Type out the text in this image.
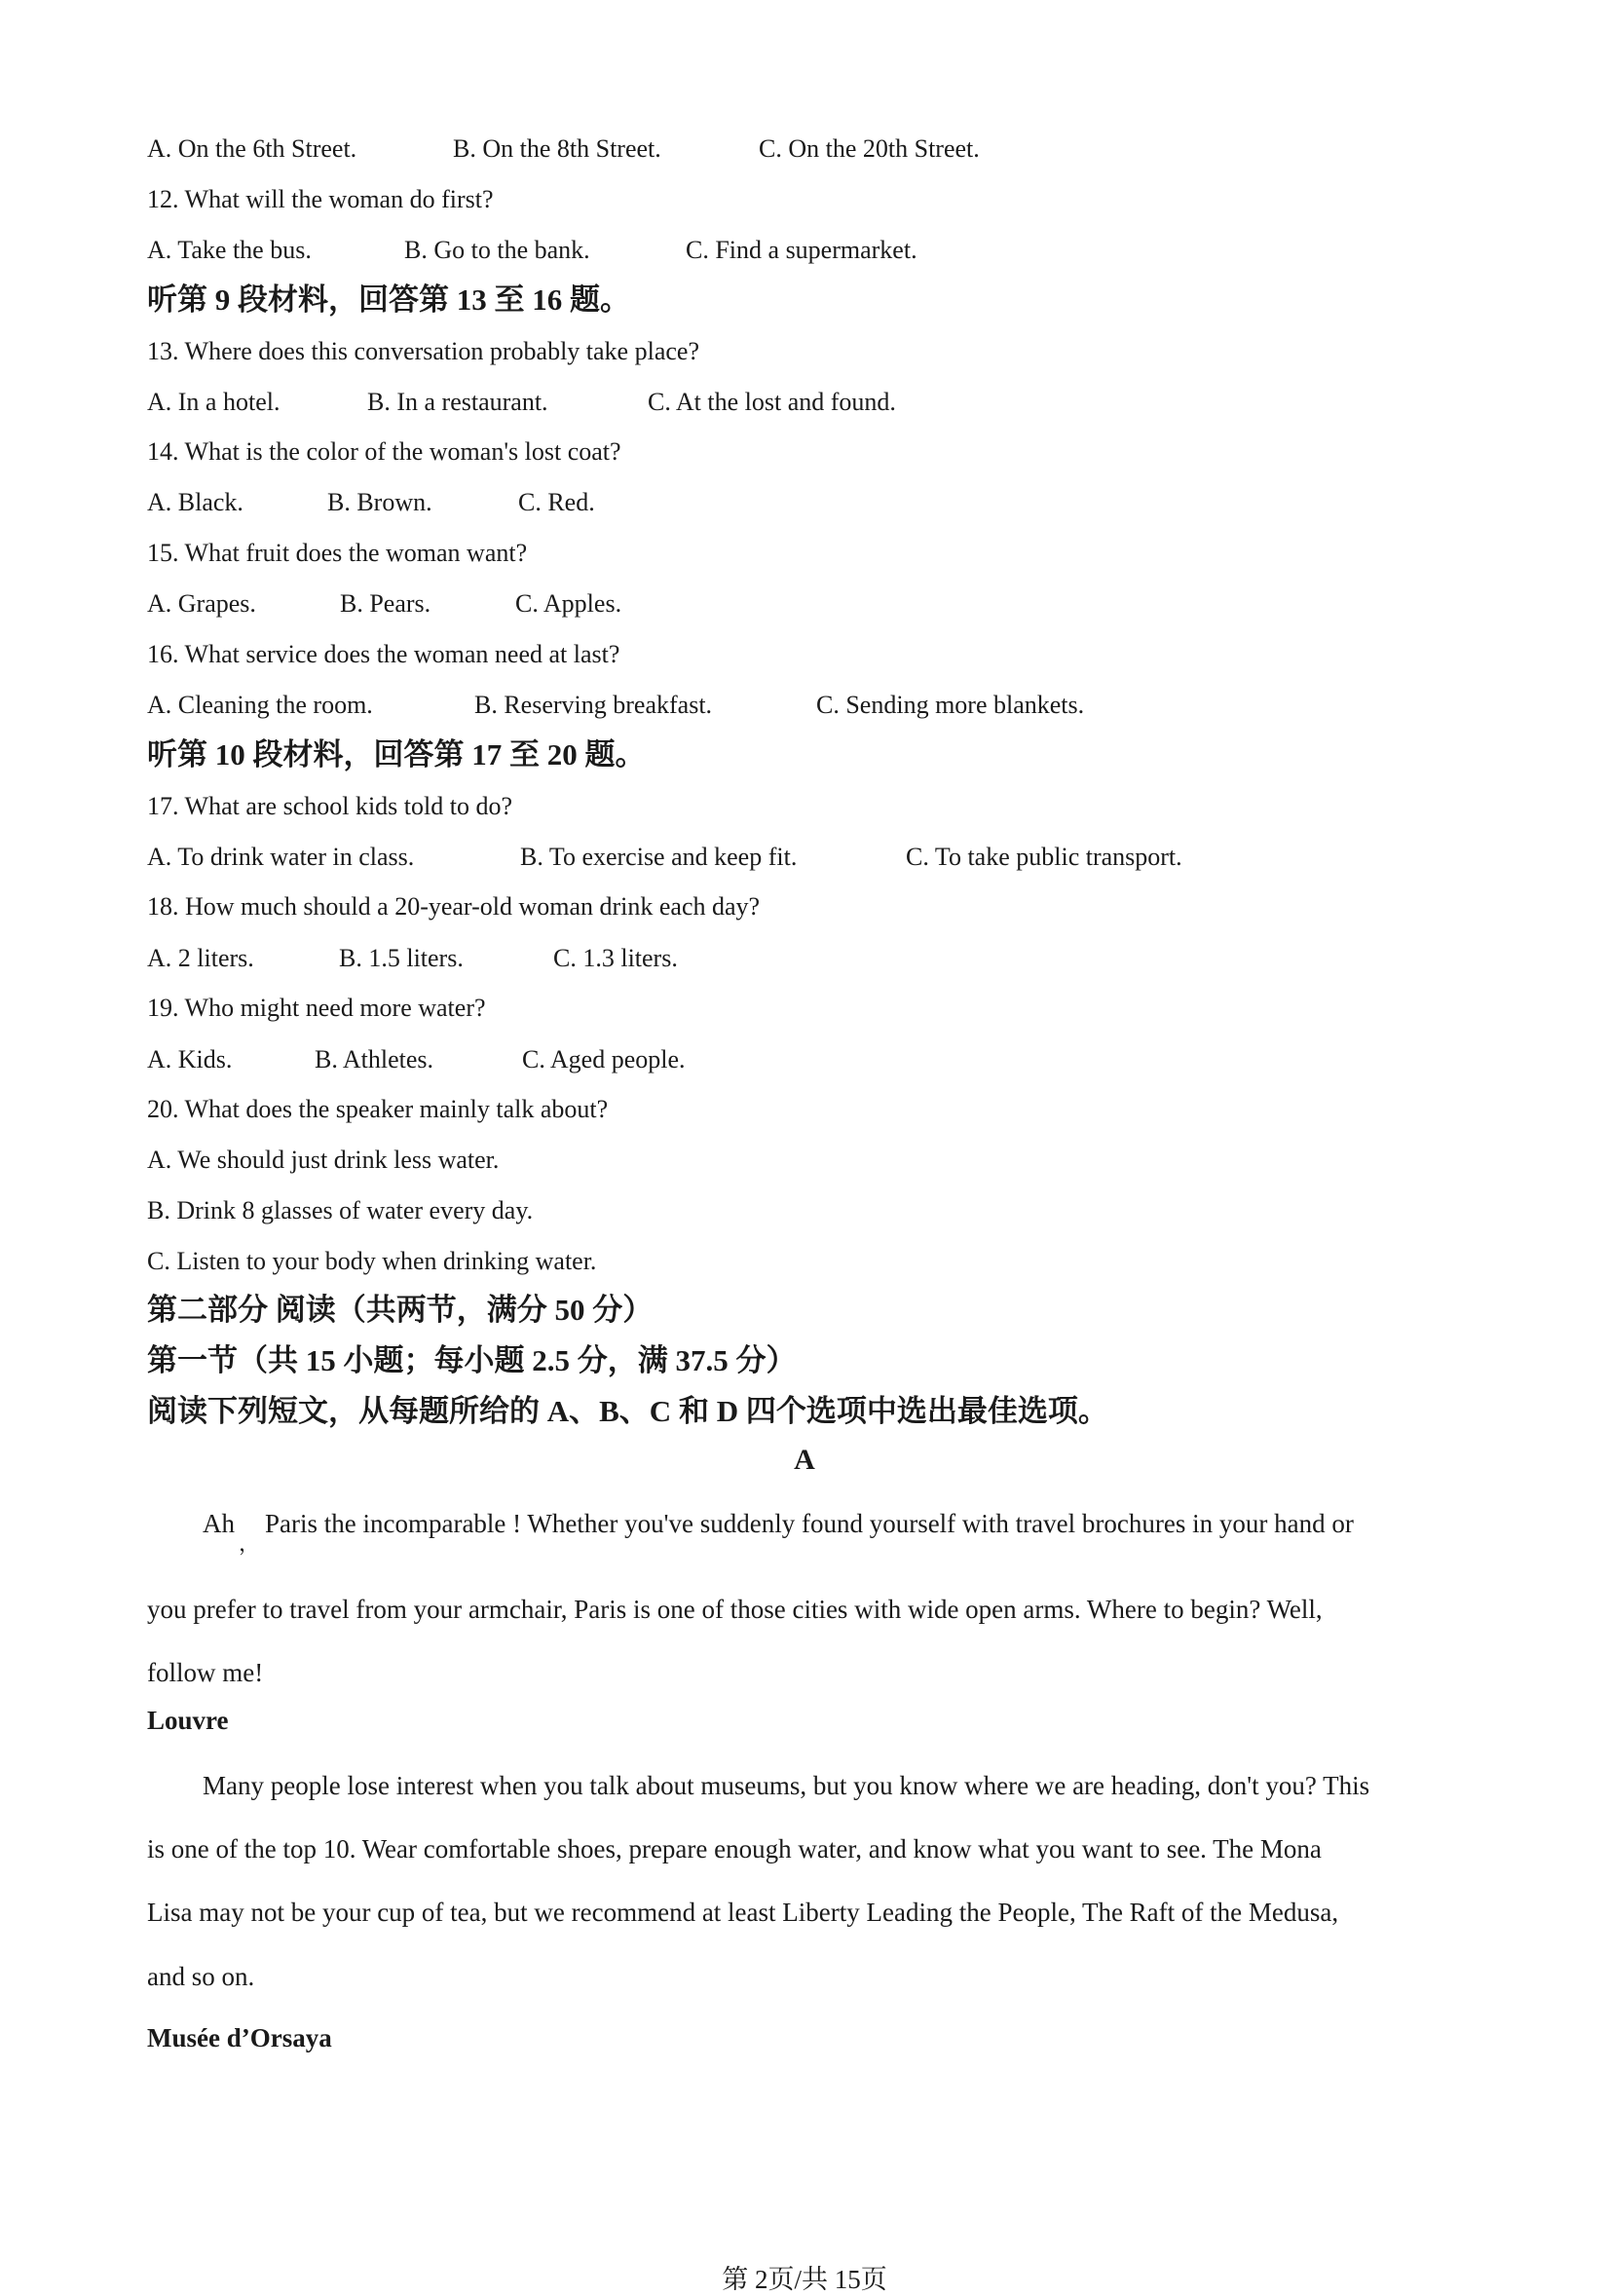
A. On the 6th Street.	B. On the 8th Street.	C. On the 20th Street.
12. What will the woman do first?
A. Take the bus.	B. Go to the bank.	C. Find a supermarket.
听第 9 段材料，回答第 13 至 16 题。
13. Where does this conversation probably take place?
A. In a hotel.	B. In a restaurant.	C. At the lost and found.
14. What is the color of the woman's lost coat?
A. Black.	B. Brown.	C. Red.
15. What fruit does the woman want?
A. Grapes.	B. Pears.	C. Apples.
16. What service does the woman need at last?
A. Cleaning the room.	B. Reserving breakfast.	C. Sending more blankets.
听第 10 段材料，回答第 17 至 20 题。
17. What are school kids told to do?
A. To drink water in class.	B. To exercise and keep fit.	C. To take public transport.
18. How much should a 20-year-old woman drink each day?
A. 2 liters.	B. 1.5 liters.	C. 1.3 liters.
19. Who might need more water?
A. Kids.	B. Athletes.	C. Aged people.
20. What does the speaker mainly talk about?
A. We should just drink less water.
B. Drink 8 glasses of water every day.
C. Listen to your body when drinking water.
第二部分 阅读（共两节，满分 50 分）
第一节（共 15 小题；每小题 2.5 分，满 37.5 分）
阅读下列短文，从每题所给的 A、B、C 和 D 四个选项中选出最佳选项。
A
Ah
，
Paris the incomparable ! Whether you've suddenly found yourself with travel brochures in your hand or
you prefer to travel from your armchair, Paris is one of those cities with wide open arms. Where to begin? Well,
follow me!
Louvre
Many people lose interest when you talk about museums, but you know where we are heading, don't you? This
is one of the top 10. Wear comfortable shoes, prepare enough water, and know what you want to see. The Mona
Lisa may not be your cup of tea, but we recommend at least Liberty Leading the People, The Raft of the Medusa,
and so on.
Musée d’Orsaya
第 2页/共 15页
